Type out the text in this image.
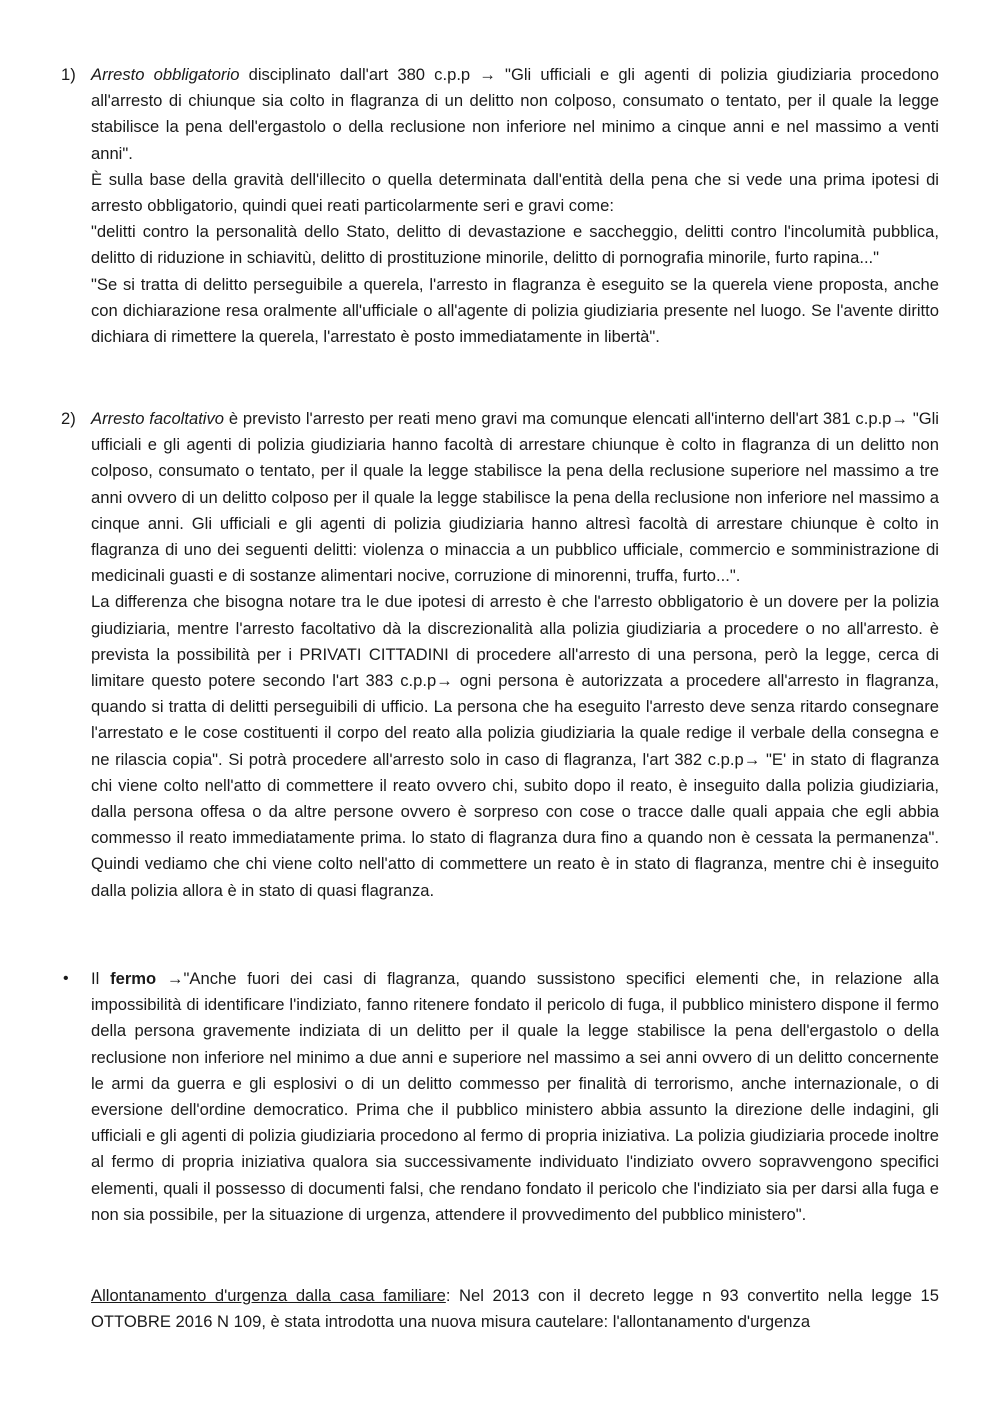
1) Arresto obbligatorio disciplinato dall'art 380 c.p.p → "Gli ufficiali e gli agenti di polizia giudiziaria procedono all'arresto di chiunque sia colto in flagranza di un delitto non colposo, consumato o tentato, per il quale la legge stabilisce la pena dell'ergastolo o della reclusione non inferiore nel minimo a cinque anni e nel massimo a venti anni".

È sulla base della gravità dell'illecito o quella determinata dall'entità della pena che si vede una prima ipotesi di arresto obbligatorio, quindi quei reati particolarmente seri e gravi come:

"delitti contro la personalità dello Stato, delitto di devastazione e saccheggio, delitti contro l'incolumità pubblica, delitto di riduzione in schiavitù, delitto di prostituzione minorile, delitto di pornografia minorile, furto rapina..."

"Se si tratta di delitto perseguibile a querela, l'arresto in flagranza è eseguito se la querela viene proposta, anche con dichiarazione resa oralmente all'ufficiale o all'agente di polizia giudiziaria presente nel luogo. Se l'avente diritto dichiara di rimettere la querela, l'arrestato è posto immediatamente in libertà".

2) Arresto facoltativo è previsto l'arresto per reati meno gravi ma comunque elencati all'interno dell'art 381 c.p.p→ "Gli ufficiali e gli agenti di polizia giudiziaria hanno facoltà di arrestare chiunque è colto in flagranza di un delitto non colposo, consumato o tentato, per il quale la legge stabilisce la pena della reclusione superiore nel massimo a tre anni ovvero di un delitto colposo per il quale la legge stabilisce la pena della reclusione non inferiore nel massimo a cinque anni. Gli ufficiali e gli agenti di polizia giudiziaria hanno altresì facoltà di arrestare chiunque è colto in flagranza di uno dei seguenti delitti: violenza o minaccia a un pubblico ufficiale, commercio e somministrazione di medicinali guasti e di sostanze alimentari nocive, corruzione di minorenni, truffa, furto...".

La differenza che bisogna notare tra le due ipotesi di arresto è che l'arresto obbligatorio è un dovere per la polizia giudiziaria, mentre l'arresto facoltativo dà la discrezionalità alla polizia giudiziaria a procedere o no all'arresto. è prevista la possibilità per i PRIVATI CITTADINI di procedere all'arresto di una persona, però la legge, cerca di limitare questo potere secondo l'art 383 c.p.p→ ogni persona è autorizzata a procedere all'arresto in flagranza, quando si tratta di delitti perseguibili di ufficio. La persona che ha eseguito l'arresto deve senza ritardo consegnare l'arrestato e le cose costituenti il corpo del reato alla polizia giudiziaria la quale redige il verbale della consegna e ne rilascia copia". Si potrà procedere all'arresto solo in caso di flagranza, l'art 382 c.p.p→ "E' in stato di flagranza chi viene colto nell'atto di commettere il reato ovvero chi, subito dopo il reato, è inseguito dalla polizia giudiziaria, dalla persona offesa o da altre persone ovvero è sorpreso con cose o tracce dalle quali appaia che egli abbia commesso il reato immediatamente prima. lo stato di flagranza dura fino a quando non è cessata la permanenza". Quindi vediamo che chi viene colto nell'atto di commettere un reato è in stato di flagranza, mentre chi è inseguito dalla polizia allora è in stato di quasi flagranza.

• Il fermo →"Anche fuori dei casi di flagranza, quando sussistono specifici elementi che, in relazione alla impossibilità di identificare l'indiziato, fanno ritenere fondato il pericolo di fuga, il pubblico ministero dispone il fermo della persona gravemente indiziata di un delitto per il quale la legge stabilisce la pena dell'ergastolo o della reclusione non inferiore nel minimo a due anni e superiore nel massimo a sei anni ovvero di un delitto concernente le armi da guerra e gli esplosivi o di un delitto commesso per finalità di terrorismo, anche internazionale, o di eversione dell'ordine democratico. Prima che il pubblico ministero abbia assunto la direzione delle indagini, gli ufficiali e gli agenti di polizia giudiziaria procedono al fermo di propria iniziativa. La polizia giudiziaria procede inoltre al fermo di propria iniziativa qualora sia successivamente individuato l'indiziato ovvero sopravvengono specifici elementi, quali il possesso di documenti falsi, che rendano fondato il pericolo che l'indiziato sia per darsi alla fuga e non sia possibile, per la situazione di urgenza, attendere il provvedimento del pubblico ministero".

Allontanamento d'urgenza dalla casa familiare: Nel 2013 con il decreto legge n 93 convertito nella legge 15 OTTOBRE 2016 N 109, è stata introdotta una nuova misura cautelare: l'allontanamento d'urgenza
